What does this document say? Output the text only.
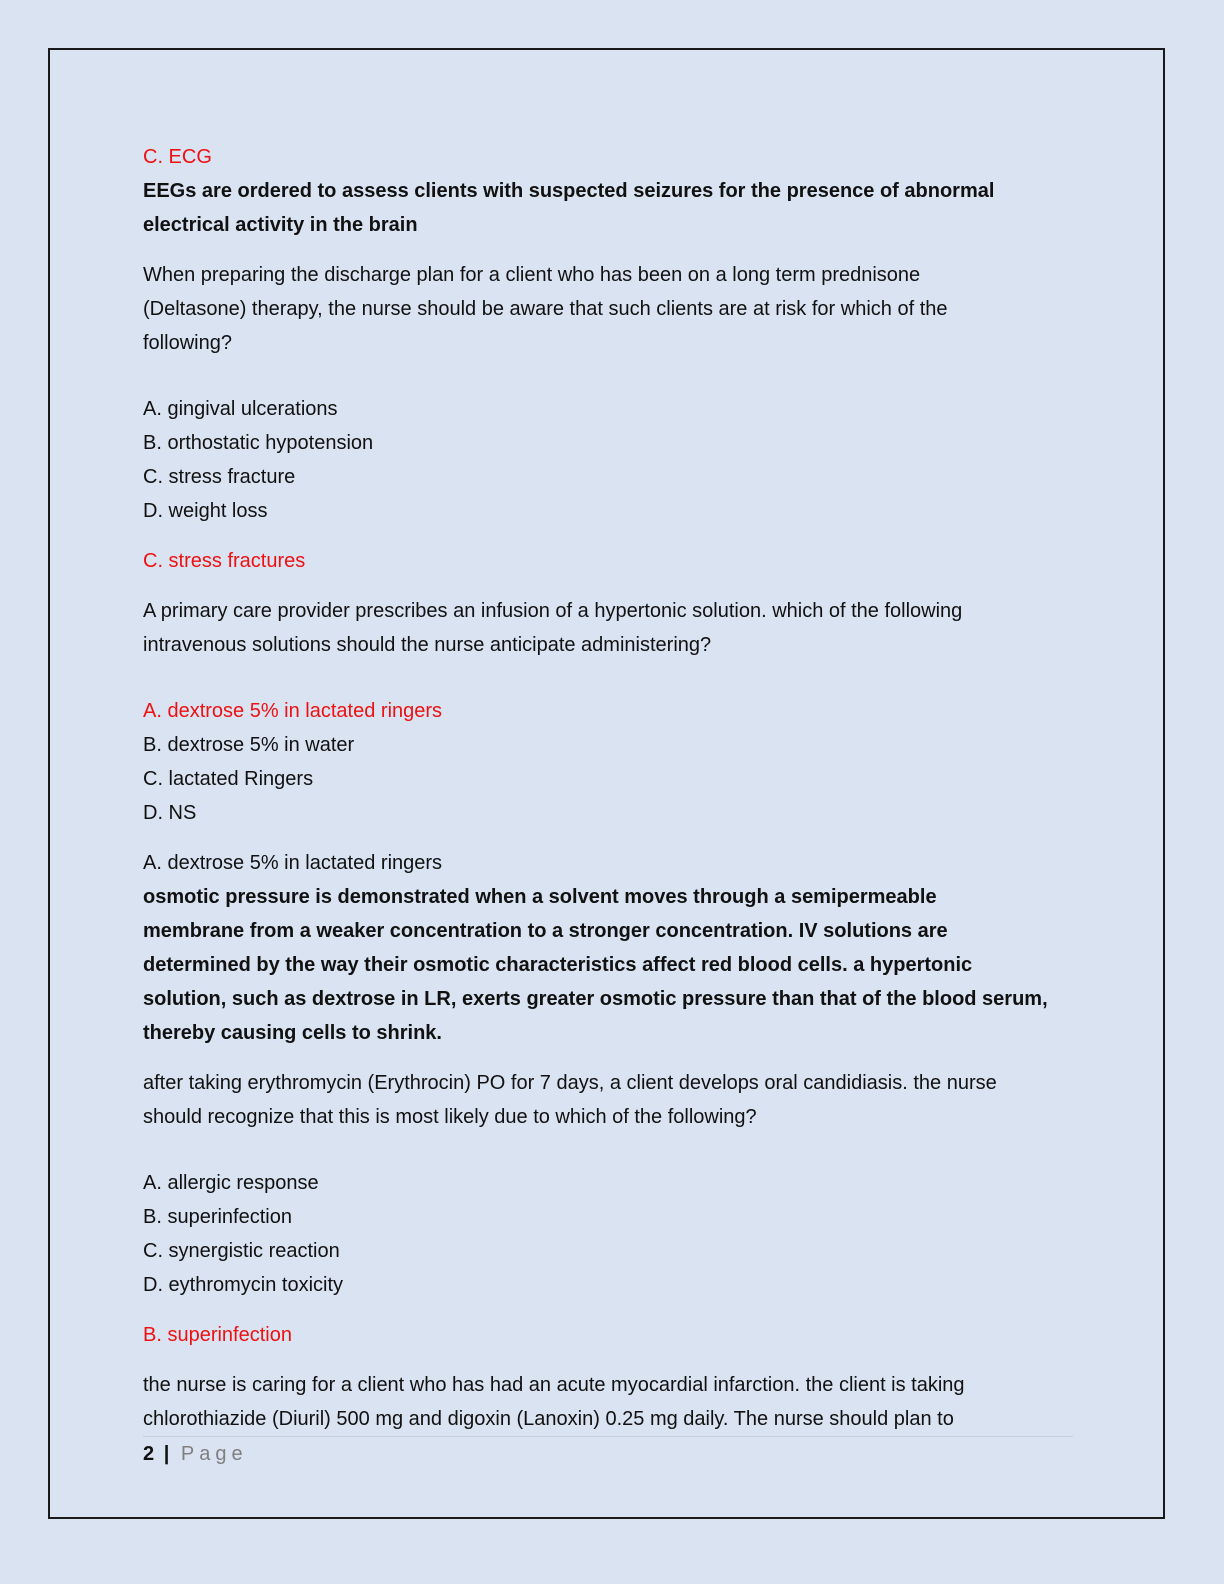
C. ECG

EEGs are ordered to assess clients with suspected seizures for the presence of abnormal

electrical activity in the brain

When preparing the discharge plan for a client who has been on a long term prednisone

(Deltasone) therapy, the nurse should be aware that such clients are at risk for which of the

following?

A. gingival ulcerations

B. orthostatic hypotension

C. stress fracture

D. weight loss

C. stress fractures

A primary care provider prescribes an infusion of a hypertonic solution. which of the following

intravenous solutions should the nurse anticipate administering?

A. dextrose 5% in lactated ringers

B. dextrose 5% in water

C. lactated Ringers

D. NS

A. dextrose 5% in lactated ringers

osmotic pressure is demonstrated when a solvent moves through a semipermeable

membrane from a weaker concentration to a stronger concentration. IV solutions are

determined by the way their osmotic characteristics affect red blood cells. a hypertonic

solution, such as dextrose in LR, exerts greater osmotic pressure than that of the blood serum,

thereby causing cells to shrink.

after taking erythromycin (Erythrocin) PO for 7 days, a client develops oral candidiasis. the nurse

should recognize that this is most likely due to which of the following?

A. allergic response

B. superinfection

C. synergistic reaction

D. eythromycin toxicity

B. superinfection

the nurse is caring for a client who has had an acute myocardial infarction. the client is taking

chlorothiazide (Diuril) 500 mg and digoxin (Lanoxin) 0.25 mg daily. The nurse should plan to

2 | Page
